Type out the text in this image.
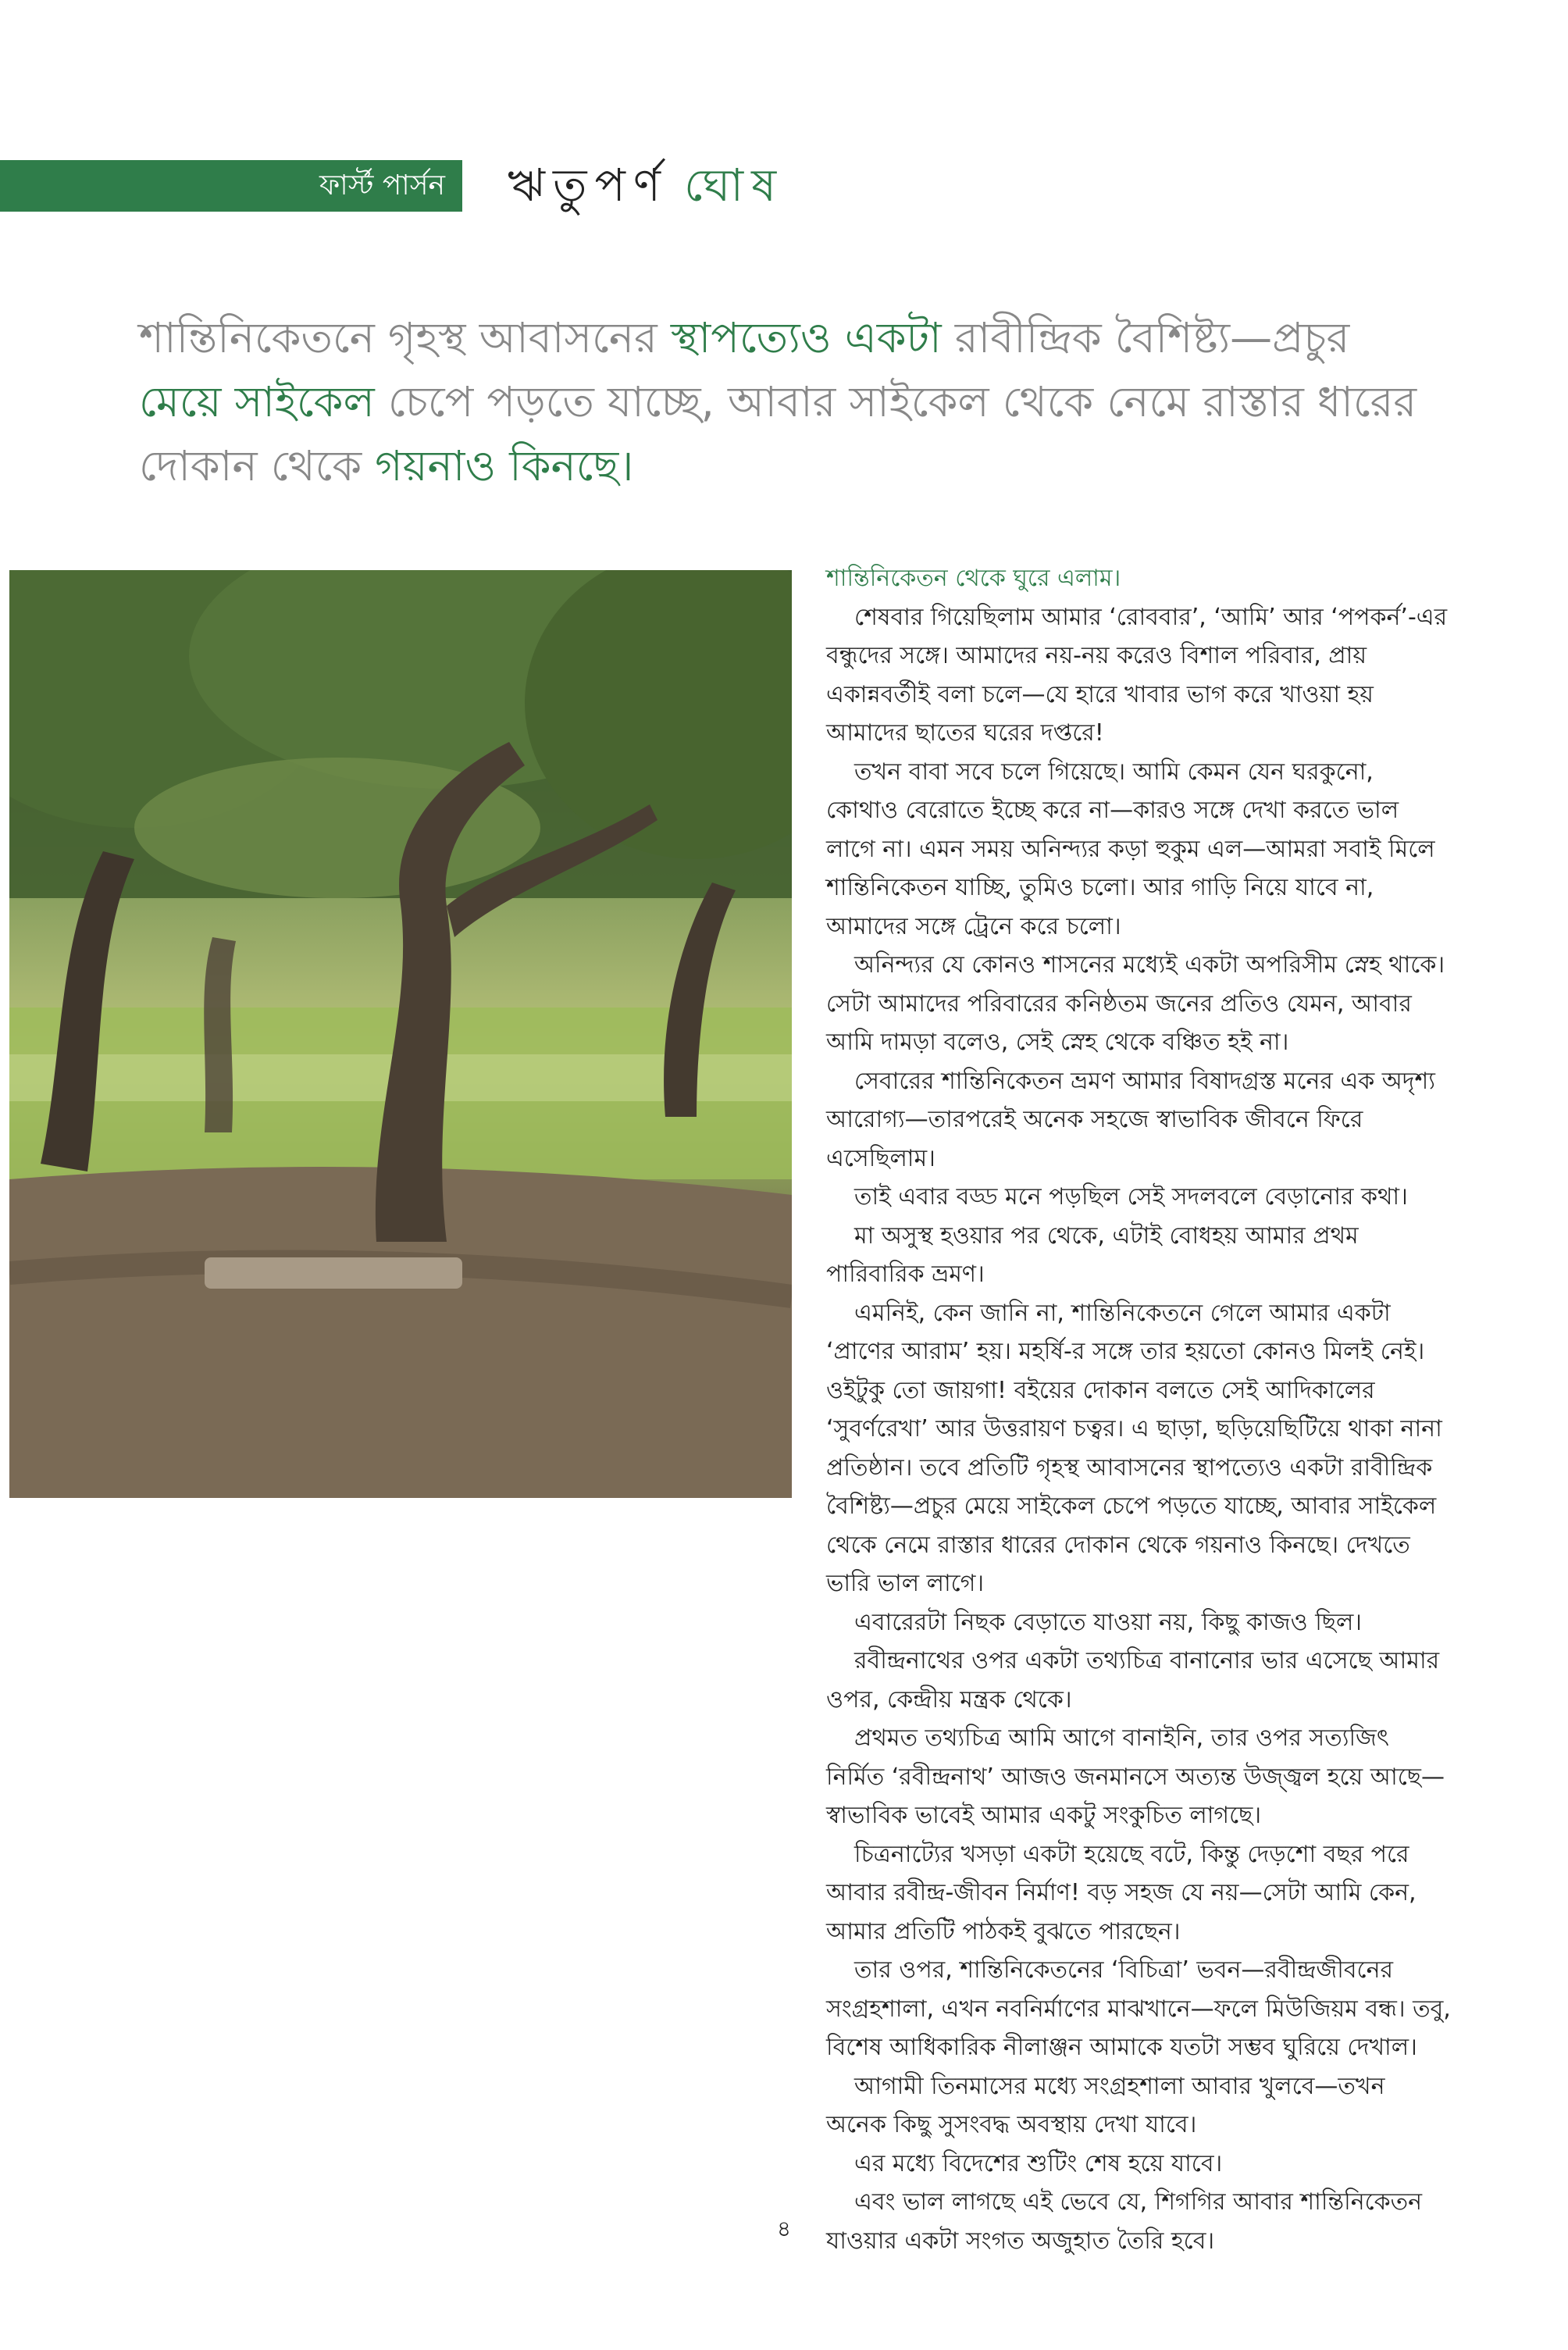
ফার্স্ট পার্সন	ঋতুপর্ণ ঘোষ
শান্তিনিকেতনে গৃহস্থ আবাসনের স্থাপত্যেও একটা রাবীন্দ্রিক বৈশিষ্ট্য—প্রচুর মেয়ে সাইকেল চেপে পড়তে যাচ্ছে, আবার সাইকেল থেকে নেমে রাস্তার ধারের দোকান থেকে গয়নাও কিনছে।

শান্তিনিকেতন থেকে ঘুরে এলাম।

শেষবার গিয়েছিলাম আমার ‘রোববার’, ‘আমি’ আর ‘পপকর্ন’-এর বন্ধুদের সঙ্গে। আমাদের নয়-নয় করেও বিশাল পরিবার, প্রায় একান্নবর্তীই বলা চলে—যে হারে খাবার ভাগ করে খাওয়া হয় আমাদের ছাতের ঘরের দপ্তরে!

তখন বাবা সবে চলে গিয়েছে। আমি কেমন যেন ঘরকুনো, কোথাও বেরোতে ইচ্ছে করে না—কারও সঙ্গে দেখা করতে ভাল লাগে না। এমন সময় অনিন্দ্যর কড়া হুকুম এল—আমরা সবাই মিলে শান্তিনিকেতন যাচ্ছি, তুমিও চলো। আর গাড়ি নিয়ে যাবে না, আমাদের সঙ্গে ট্রেনে করে চলো।

অনিন্দ্যর যে কোনও শাসনের মধ্যেই একটা অপরিসীম স্নেহ থাকে। সেটা আমাদের পরিবারের কনিষ্ঠতম জনের প্রতিও যেমন, আবার আমি দামড়া বলেও, সেই স্নেহ থেকে বঞ্চিত হই না।

সেবারের শান্তিনিকেতন ভ্রমণ আমার বিষাদগ্রস্ত মনের এক অদৃশ্য আরোগ্য—তারপরেই অনেক সহজে স্বাভাবিক জীবনে ফিরে এসেছিলাম।

তাই এবার বড্ড মনে পড়ছিল সেই সদলবলে বেড়ানোর কথা।

মা অসুস্থ হওয়ার পর থেকে, এটাই বোধহয় আমার প্রথম পারিবারিক ভ্রমণ।

এমনিই, কেন জানি না, শান্তিনিকেতনে গেলে আমার একটা ‘প্রাণের আরাম’ হয়। মহর্ষি-র সঙ্গে তার হয়তো কোনও মিলই নেই। ওইটুকু তো জায়গা! বইয়ের দোকান বলতে সেই আদিকালের ‘সুবর্ণরেখা’ আর উত্তরায়ণ চত্বর। এ ছাড়া, ছড়িয়েছিটিয়ে থাকা নানা প্রতিষ্ঠান। তবে প্রতিটি গৃহস্থ আবাসনের স্থাপত্যেও একটা রাবীন্দ্রিক বৈশিষ্ট্য—প্রচুর মেয়ে সাইকেল চেপে পড়তে যাচ্ছে, আবার সাইকেল থেকে নেমে রাস্তার ধারের দোকান থেকে গয়নাও কিনছে। দেখতে ভারি ভাল লাগে।

এবারেরটা নিছক বেড়াতে যাওয়া নয়, কিছু কাজও ছিল।

রবীন্দ্রনাথের ওপর একটা তথ্যচিত্র বানানোর ভার এসেছে আমার ওপর, কেন্দ্রীয় মন্ত্রক থেকে।

প্রথমত তথ্যচিত্র আমি আগে বানাইনি, তার ওপর সত্যজিৎ নির্মিত ‘রবীন্দ্রনাথ’ আজও জনমানসে অত্যন্ত উজ্জ্বল হয়ে আছে—স্বাভাবিক ভাবেই আমার একটু সংকুচিত লাগছে।

চিত্রনাট্যের খসড়া একটা হয়েছে বটে, কিন্তু দেড়শো বছর পরে আবার রবীন্দ্র-জীবন নির্মাণ! বড় সহজ যে নয়—সেটা আমি কেন, আমার প্রতিটি পাঠকই বুঝতে পারছেন।

তার ওপর, শান্তিনিকেতনের ‘বিচিত্রা’ ভবন—রবীন্দ্রজীবনের সংগ্রহশালা, এখন নবনির্মাণের মাঝখানে—ফলে মিউজিয়ম বন্ধ। তবু, বিশেষ আধিকারিক নীলাঞ্জন আমাকে যতটা সম্ভব ঘুরিয়ে দেখাল।

আগামী তিনমাসের মধ্যে সংগ্রহশালা আবার খুলবে—তখন অনেক কিছু সুসংবদ্ধ অবস্থায় দেখা যাবে।

এর মধ্যে বিদেশের শুটিং শেষ হয়ে যাবে।

এবং ভাল লাগছে এই ভেবে যে, শিগগির আবার শান্তিনিকেতন যাওয়ার একটা সংগত অজুহাত তৈরি হবে।

৪
